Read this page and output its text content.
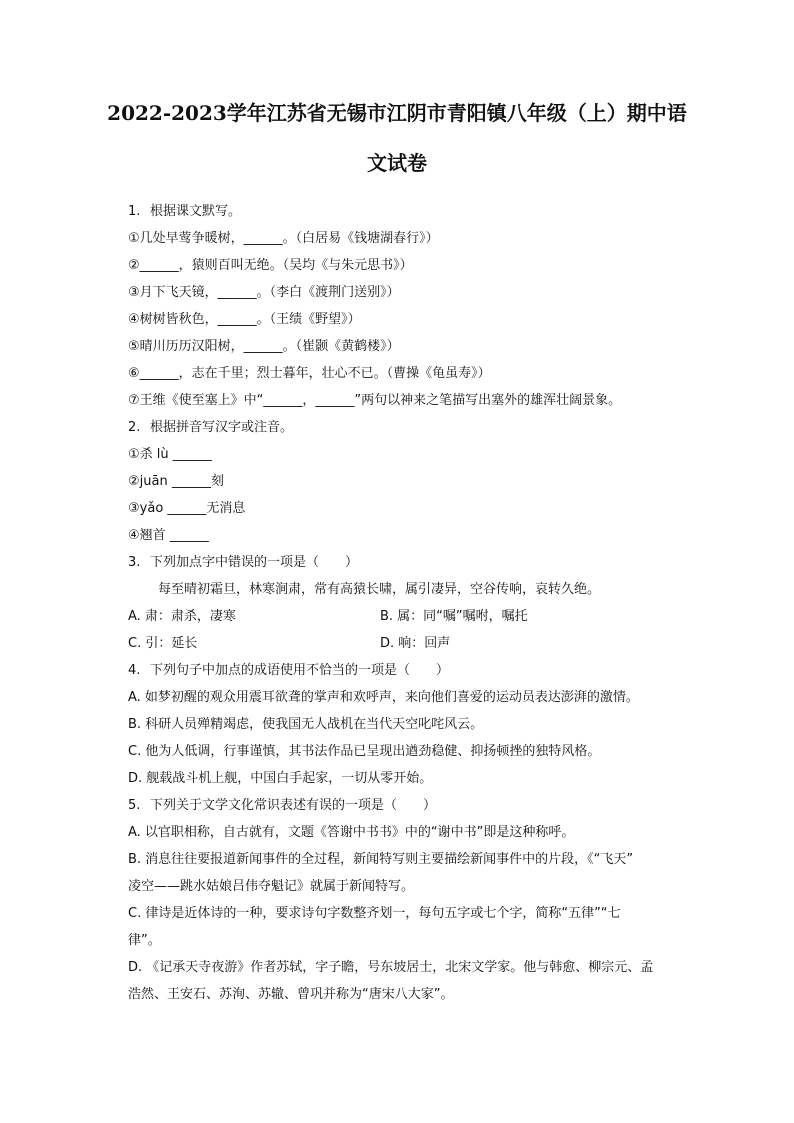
2022-2023学年江苏省无锡市江阴市青阳镇八年级（上）期中语
文试卷
1. 根据课文默写。
①几处早莺争暖树，______。（白居易《钱塘湖春行》）
②______，猿则百叫无绝。（吴均《与朱元思书》）
③月下飞天镜，______。（李白《渡荆门送别》）
④树树皆秋色，______。（王绩《野望》）
⑤晴川历历汉阳树，______。（崔颢《黄鹤楼》）
⑥______，志在千里；烈士暮年，壮心不已。（曹操《龟虽寿》）
⑦王维《使至塞上》中“______，______”两句以神来之笔描写出塞外的雄浑壮阔景象。
2. 根据拼音写汉字或注音。
①杀 lù ______
②juān ______刻
③yǎo ______无消息
④翘首 ______
3. 下列加点字中错误的一项是（　　）
每至晴初霜旦，林寒涧肃，常有高猿长啸，属引凄异，空谷传响，哀转久绝。
A. 肃：肃杀，凄寒	B. 属：同“嘱”嘱咐，嘱托
C. 引：延长	D. 响：回声
4. 下列句子中加点的成语使用不恰当的一项是（　　）
A. 如梦初醒的观众用震耳欲聋的掌声和欢呼声，来向他们喜爱的运动员表达澎湃的激情。
B. 科研人员殚精竭虑，使我国无人战机在当代天空叱咤风云。
C. 他为人低调，行事谨慎，其书法作品已呈现出遒劲稳健、抑扬顿挫的独特风格。
D. 舰载战斗机上舰，中国白手起家，一切从零开始。
5. 下列关于文学文化常识表述有误的一项是（　　）
A. 以官职相称，自古就有，文题《答谢中书书》中的“谢中书”即是这种称呼。
B. 消息往往要报道新闻事件的全过程，新闻特写则主要描绘新闻事件中的片段，《“飞天”
凌空——跳水姑娘吕伟夺魁记》就属于新闻特写。
C. 律诗是近体诗的一种，要求诗句字数整齐划一，每句五字或七个字，简称“五律”“七
律”。
D. 《记承天寺夜游》作者苏轼，字子瞻，号东坡居士，北宋文学家。他与韩愈、柳宗元、孟
浩然、王安石、苏洵、苏辙、曾巩并称为“唐宋八大家”。
